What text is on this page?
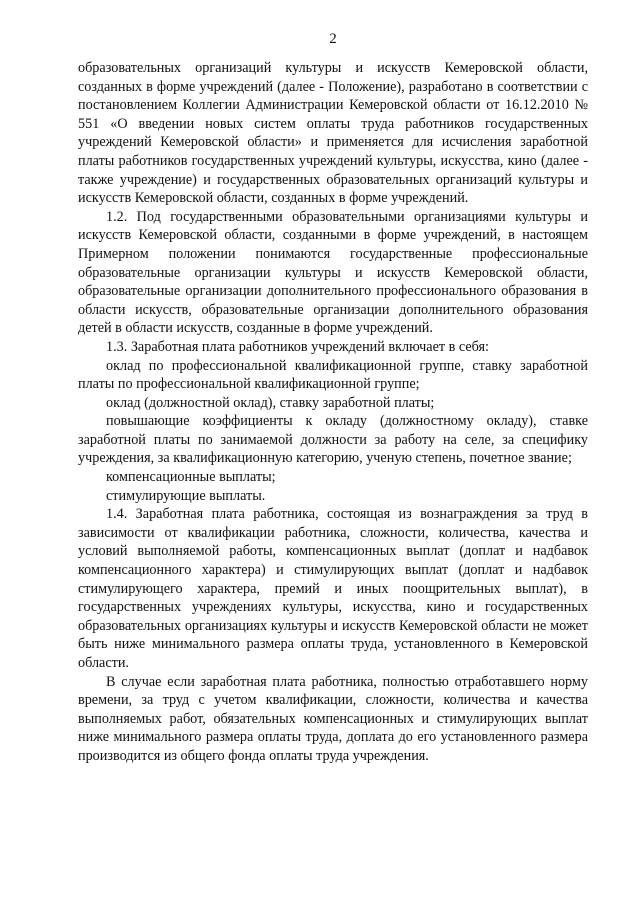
2

образовательных организаций культуры и искусств Кемеровской области, созданных в форме учреждений (далее - Положение), разработано в соответствии с постановлением Коллегии Администрации Кемеровской области от 16.12.2010 № 551 «О введении новых систем оплаты труда работников государственных учреждений Кемеровской области» и применяется для исчисления заработной платы работников государственных учреждений культуры, искусства, кино (далее - также учреждение) и государственных образовательных организаций культуры и искусств Кемеровской области, созданных в форме учреждений.

1.2. Под государственными образовательными организациями культуры и искусств Кемеровской области, созданными в форме учреждений, в настоящем Примерном положении понимаются государственные профессиональные образовательные организации культуры и искусств Кемеровской области, образовательные организации дополнительного профессионального образования в области искусств, образовательные организации дополнительного образования детей в области искусств, созданные в форме учреждений.

1.3. Заработная плата работников учреждений включает в себя:

оклад по профессиональной квалификационной группе, ставку заработной платы по профессиональной квалификационной группе;

оклад (должностной оклад), ставку заработной платы;

повышающие коэффициенты к окладу (должностному окладу), ставке заработной платы по занимаемой должности за работу на селе, за специфику учреждения, за квалификационную категорию, ученую степень, почетное звание;

компенсационные выплаты;

стимулирующие выплаты.

1.4. Заработная плата работника, состоящая из вознаграждения за труд в зависимости от квалификации работника, сложности, количества, качества и условий выполняемой работы, компенсационных выплат (доплат и надбавок компенсационного характера) и стимулирующих выплат (доплат и надбавок стимулирующего характера, премий и иных поощрительных выплат), в государственных учреждениях культуры, искусства, кино и государственных образовательных организациях культуры и искусств Кемеровской области не может быть ниже минимального размера оплаты труда, установленного в Кемеровской области.

В случае если заработная плата работника, полностью отработавшего норму времени, за труд с учетом квалификации, сложности, количества и качества выполняемых работ, обязательных компенсационных и стимулирующих выплат ниже минимального размера оплаты труда, доплата до его установленного размера производится из общего фонда оплаты труда учреждения.
